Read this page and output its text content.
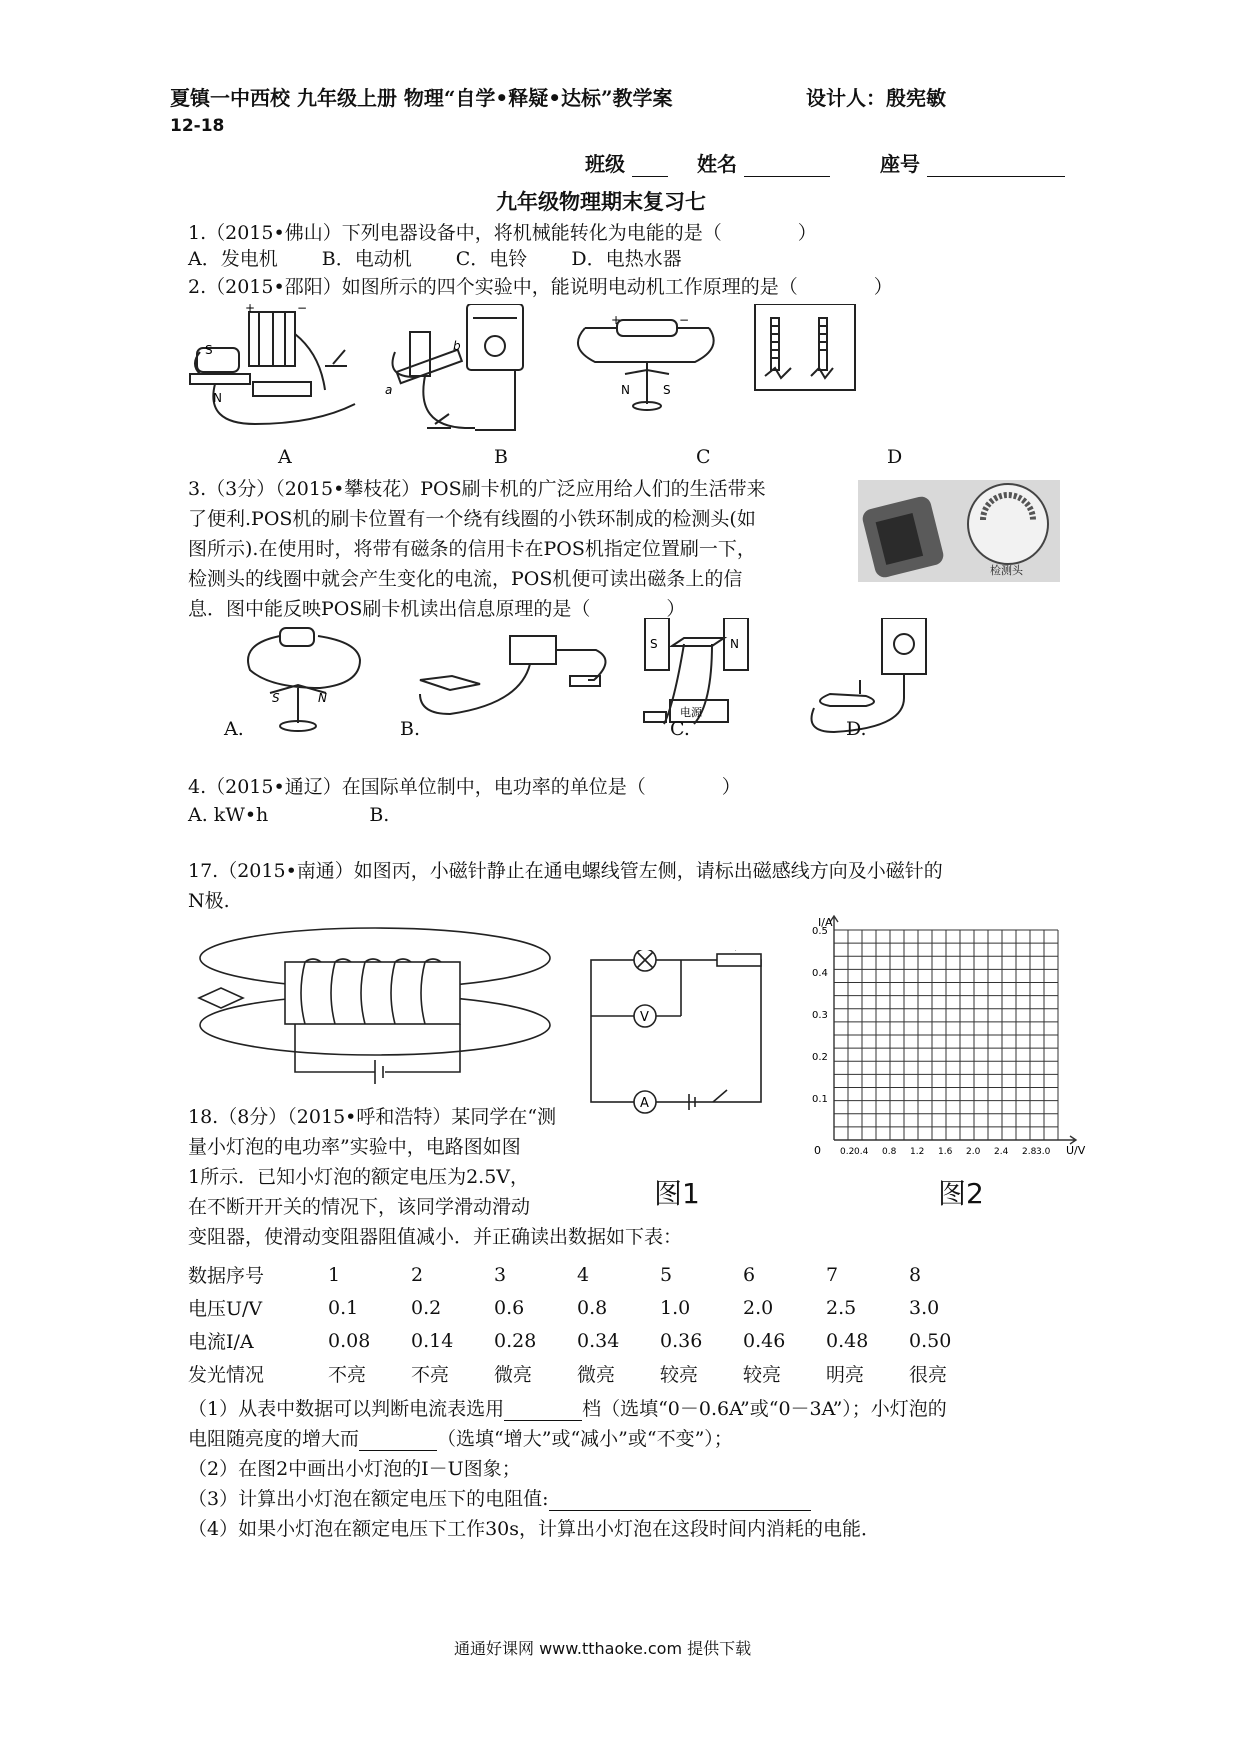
夏镇一中西校 九年级上册 物理“自学•释疑•达标”教学案	设计人：殷宪敏
12-18
班级	姓名	座号
九年级物理期末复习七
1.（2015•佛山）下列电器设备中，将机械能转化为电能的是（　　　　）
A．发电机　　 B．电动机　　 C．电铃　　 D．电热水器
2.（2015•邵阳）如图所示的四个实验中，能说明电动机工作原理的是（　　　　）
S
N
+	−
a
b
+	−
N	S
A	B	C	D
3.（3分）（2015•攀枝花）POS刷卡机的广泛应用给人们的生活带来
了便利.POS机的刷卡位置有一个绕有线圈的小铁环制成的检测头(如
图所示).在使用时，将带有磁条的信用卡在POS机指定位置刷一下，
检测头的线圈中就会产生变化的电流，POS机便可读出磁条上的信
息．图中能反映POS刷卡机读出信息原理的是（　　　　）
检测头
S	N
S	N
电源
A.	B.	C.	D.
4.（2015•通辽）在国际单位制中，电功率的单位是（　　　　）
A. kW•h　　　　　 B.
17.（2015•南通）如图丙，小磁针静止在通电螺线管左侧，请标出磁感线方向及小磁针的
N极.
V
A
图1
0.5
0.4
0.3
0.2
0.1
0.2 0.4 0.8 1.2 1.6 2.0 2.4 2.8 3.0
I/A
U/V
0
图2
18.（8分）（2015•呼和浩特）某同学在“测
量小灯泡的电功率”实验中，电路图如图
1所示．已知小灯泡的额定电压为2.5V，
在不断开开关的情况下，该同学滑动滑动
变阻器，使滑动变阻器阻值减小．并正确读出数据如下表：
数据序号	1	2	3	4	5	6	7	8
电压U/V	0.1	0.2	0.6	0.8	1.0	2.0	2.5	3.0
电流I/A	0.08	0.14	0.28	0.34	0.36	0.46	0.48	0.50
发光情况	不亮	不亮	微亮	微亮	较亮	较亮	明亮	很亮
（1）从表中数据可以判断电流表选用	档（选填“0－0.6A”或“0－3A”）；小灯泡的
电阻随亮度的增大而	（选填“增大”或“减小”或“不变”）；
（2）在图2中画出小灯泡的I－U图象；
（3）计算出小灯泡在额定电压下的电阻值:
（4）如果小灯泡在额定电压下工作30s，计算出小灯泡在这段时间内消耗的电能．
通通好课网 www.tthaoke.com 提供下载
